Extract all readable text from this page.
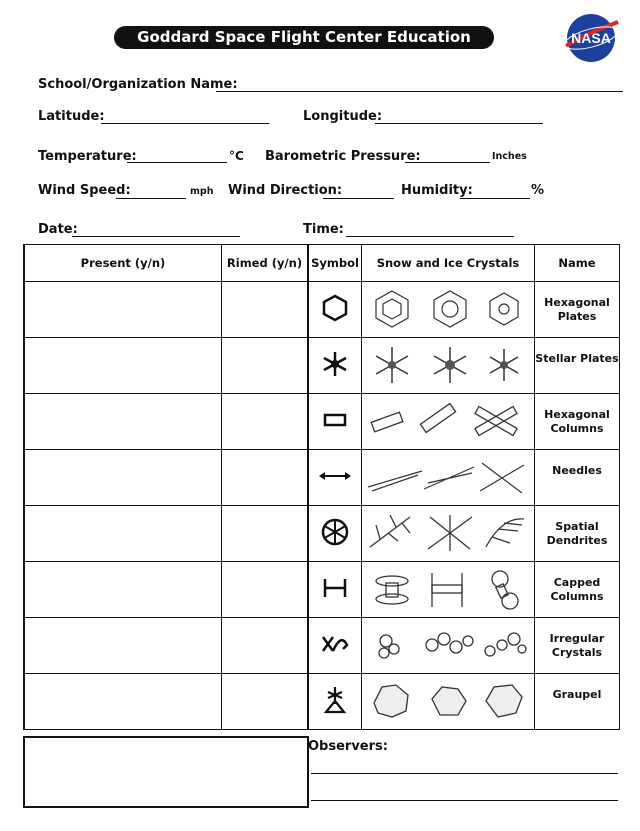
Goddard Space Flight Center Education Programs
NASA
School/Organization Name:
Latitude:	Longitude:
Temperature:	°C Barometric Pressure:	Inches
Wind Speed:	mph Wind Direction:	Humidity:	%
Date:	Time:
Present (y/n)	Rimed (y/n)	Symbol	Snow and Ice Crystals	Name
				Hexagonal Plates
				Stellar Plates
				Hexagonal Columns
				Needles
				Spatial Dendrites
				Capped Columns
				Irregular Crystals
				Graupel
Observers:
